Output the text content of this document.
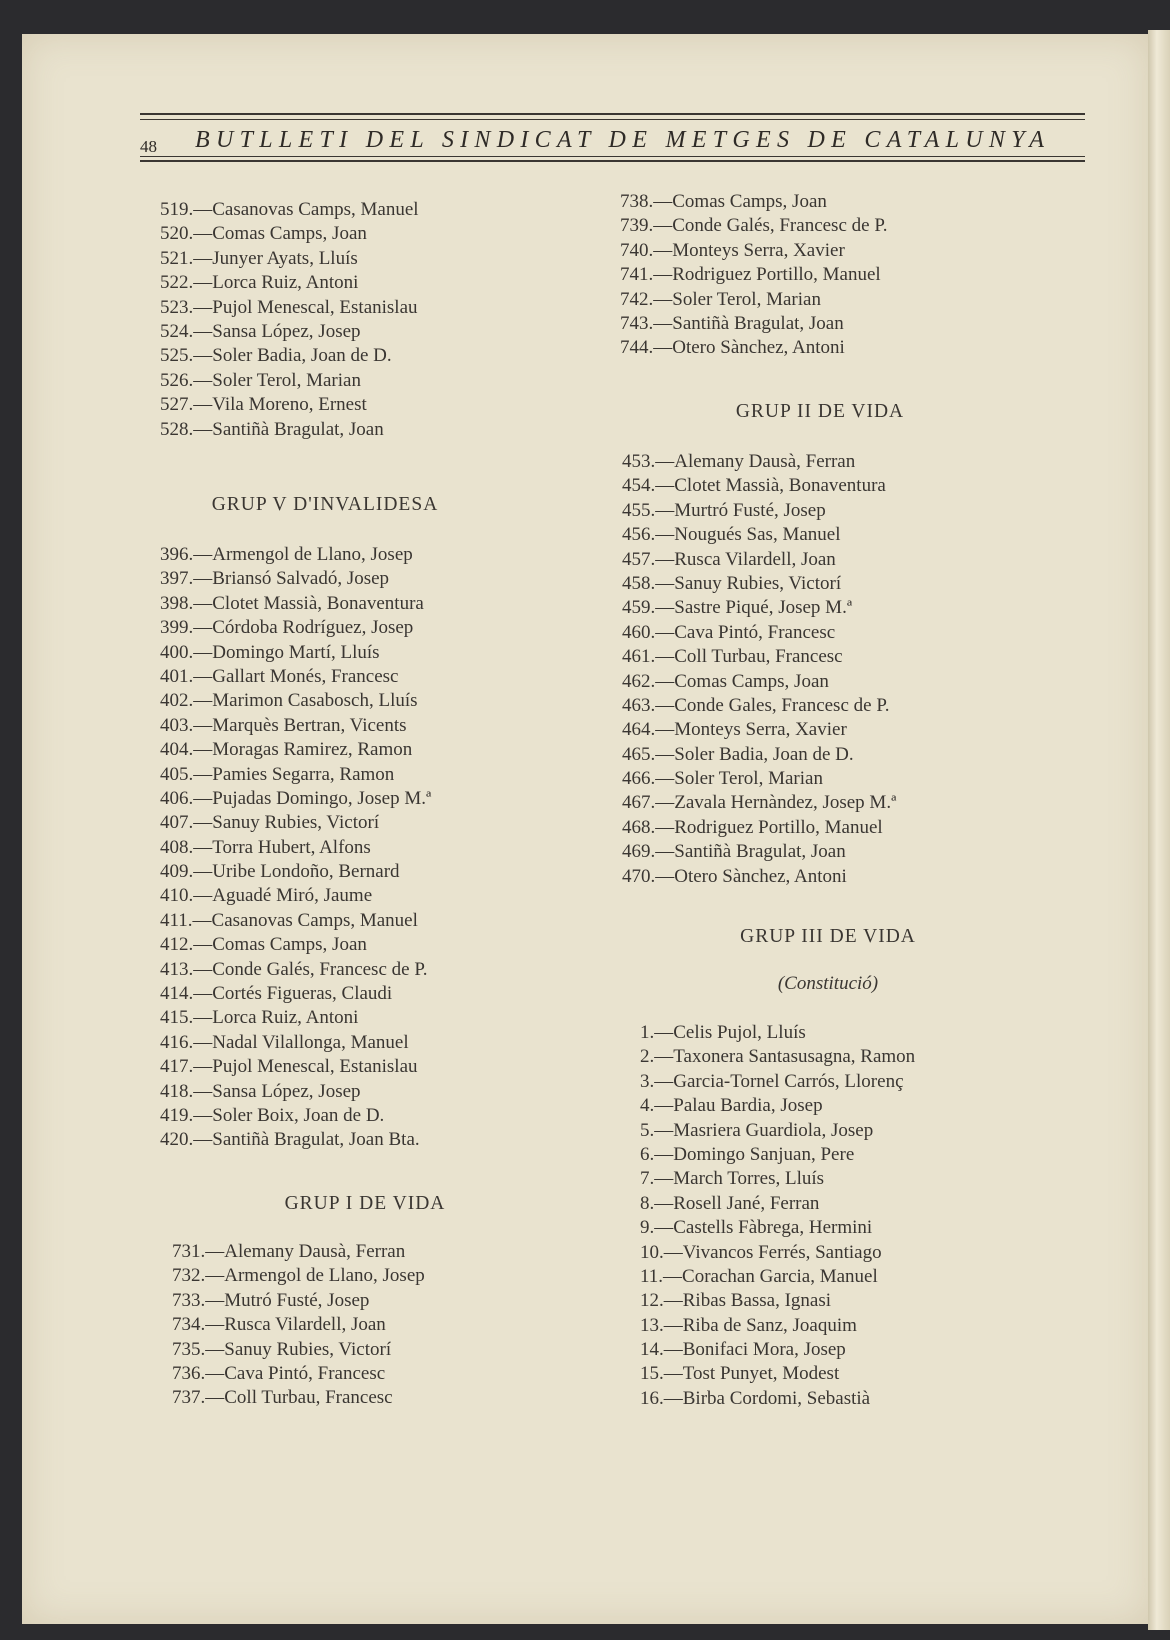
48 BUTLLETI DEL SINDICAT DE METGES DE CATALUNYA
519.—Casanovas Camps, Manuel
520.—Comas Camps, Joan
521.—Junyer Ayats, Lluís
522.—Lorca Ruiz, Antoni
523.—Pujol Menescal, Estanislau
524.—Sansa López, Josep
525.—Soler Badia, Joan de D.
526.—Soler Terol, Marian
527.—Vila Moreno, Ernest
528.—Santiñà Bragulat, Joan
GRUP V D'INVALIDESA
396.—Armengol de Llano, Josep
397.—Briansó Salvadó, Josep
398.—Clotet Massià, Bonaventura
399.—Córdoba Rodríguez, Josep
400.—Domingo Martí, Lluís
401.—Gallart Monés, Francesc
402.—Marimon Casabosch, Lluís
403.—Marquès Bertran, Vicents
404.—Moragas Ramirez, Ramon
405.—Pamies Segarra, Ramon
406.—Pujadas Domingo, Josep M.ª
407.—Sanuy Rubies, Victorí
408.—Torra Hubert, Alfons
409.—Uribe Londoño, Bernard
410.—Aguadé Miró, Jaume
411.—Casanovas Camps, Manuel
412.—Comas Camps, Joan
413.—Conde Galés, Francesc de P.
414.—Cortés Figueras, Claudi
415.—Lorca Ruiz, Antoni
416.—Nadal Vilallonga, Manuel
417.—Pujol Menescal, Estanislau
418.—Sansa López, Josep
419.—Soler Boix, Joan de D.
420.—Santiñà Bragulat, Joan Bta.
GRUP I DE VIDA
731.—Alemany Dausà, Ferran
732.—Armengol de Llano, Josep
733.—Mutró Fusté, Josep
734.—Rusca Vilardell, Joan
735.—Sanuy Rubies, Victorí
736.—Cava Pintó, Francesc
737.—Coll Turbau, Francesc
738.—Comas Camps, Joan
739.—Conde Galés, Francesc de P.
740.—Monteys Serra, Xavier
741.—Rodriguez Portillo, Manuel
742.—Soler Terol, Marian
743.—Santiñà Bragulat, Joan
744.—Otero Sànchez, Antoni
GRUP II DE VIDA
453.—Alemany Dausà, Ferran
454.—Clotet Massià, Bonaventura
455.—Murtró Fusté, Josep
456.—Nougués Sas, Manuel
457.—Rusca Vilardell, Joan
458.—Sanuy Rubies, Victorí
459.—Sastre Piqué, Josep M.ª
460.—Cava Pintó, Francesc
461.—Coll Turbau, Francesc
462.—Comas Camps, Joan
463.—Conde Gales, Francesc de P.
464.—Monteys Serra, Xavier
465.—Soler Badia, Joan de D.
466.—Soler Terol, Marian
467.—Zavala Hernàndez, Josep M.ª
468.—Rodriguez Portillo, Manuel
469.—Santiñà Bragulat, Joan
470.—Otero Sànchez, Antoni
GRUP III DE VIDA
(Constitució)
1.—Celis Pujol, Lluís
2.—Taxonera Santasusagna, Ramon
3.—Garcia-Tornel Carrós, Llorenç
4.—Palau Bardia, Josep
5.—Masriera Guardiola, Josep
6.—Domingo Sanjuan, Pere
7.—March Torres, Lluís
8.—Rosell Jané, Ferran
9.—Castells Fàbrega, Hermini
10.—Vivancos Ferrés, Santiago
11.—Corachan Garcia, Manuel
12.—Ribas Bassa, Ignasi
13.—Riba de Sanz, Joaquim
14.—Bonifaci Mora, Josep
15.—Tost Punyet, Modest
16.—Birba Cordomi, Sebastià
